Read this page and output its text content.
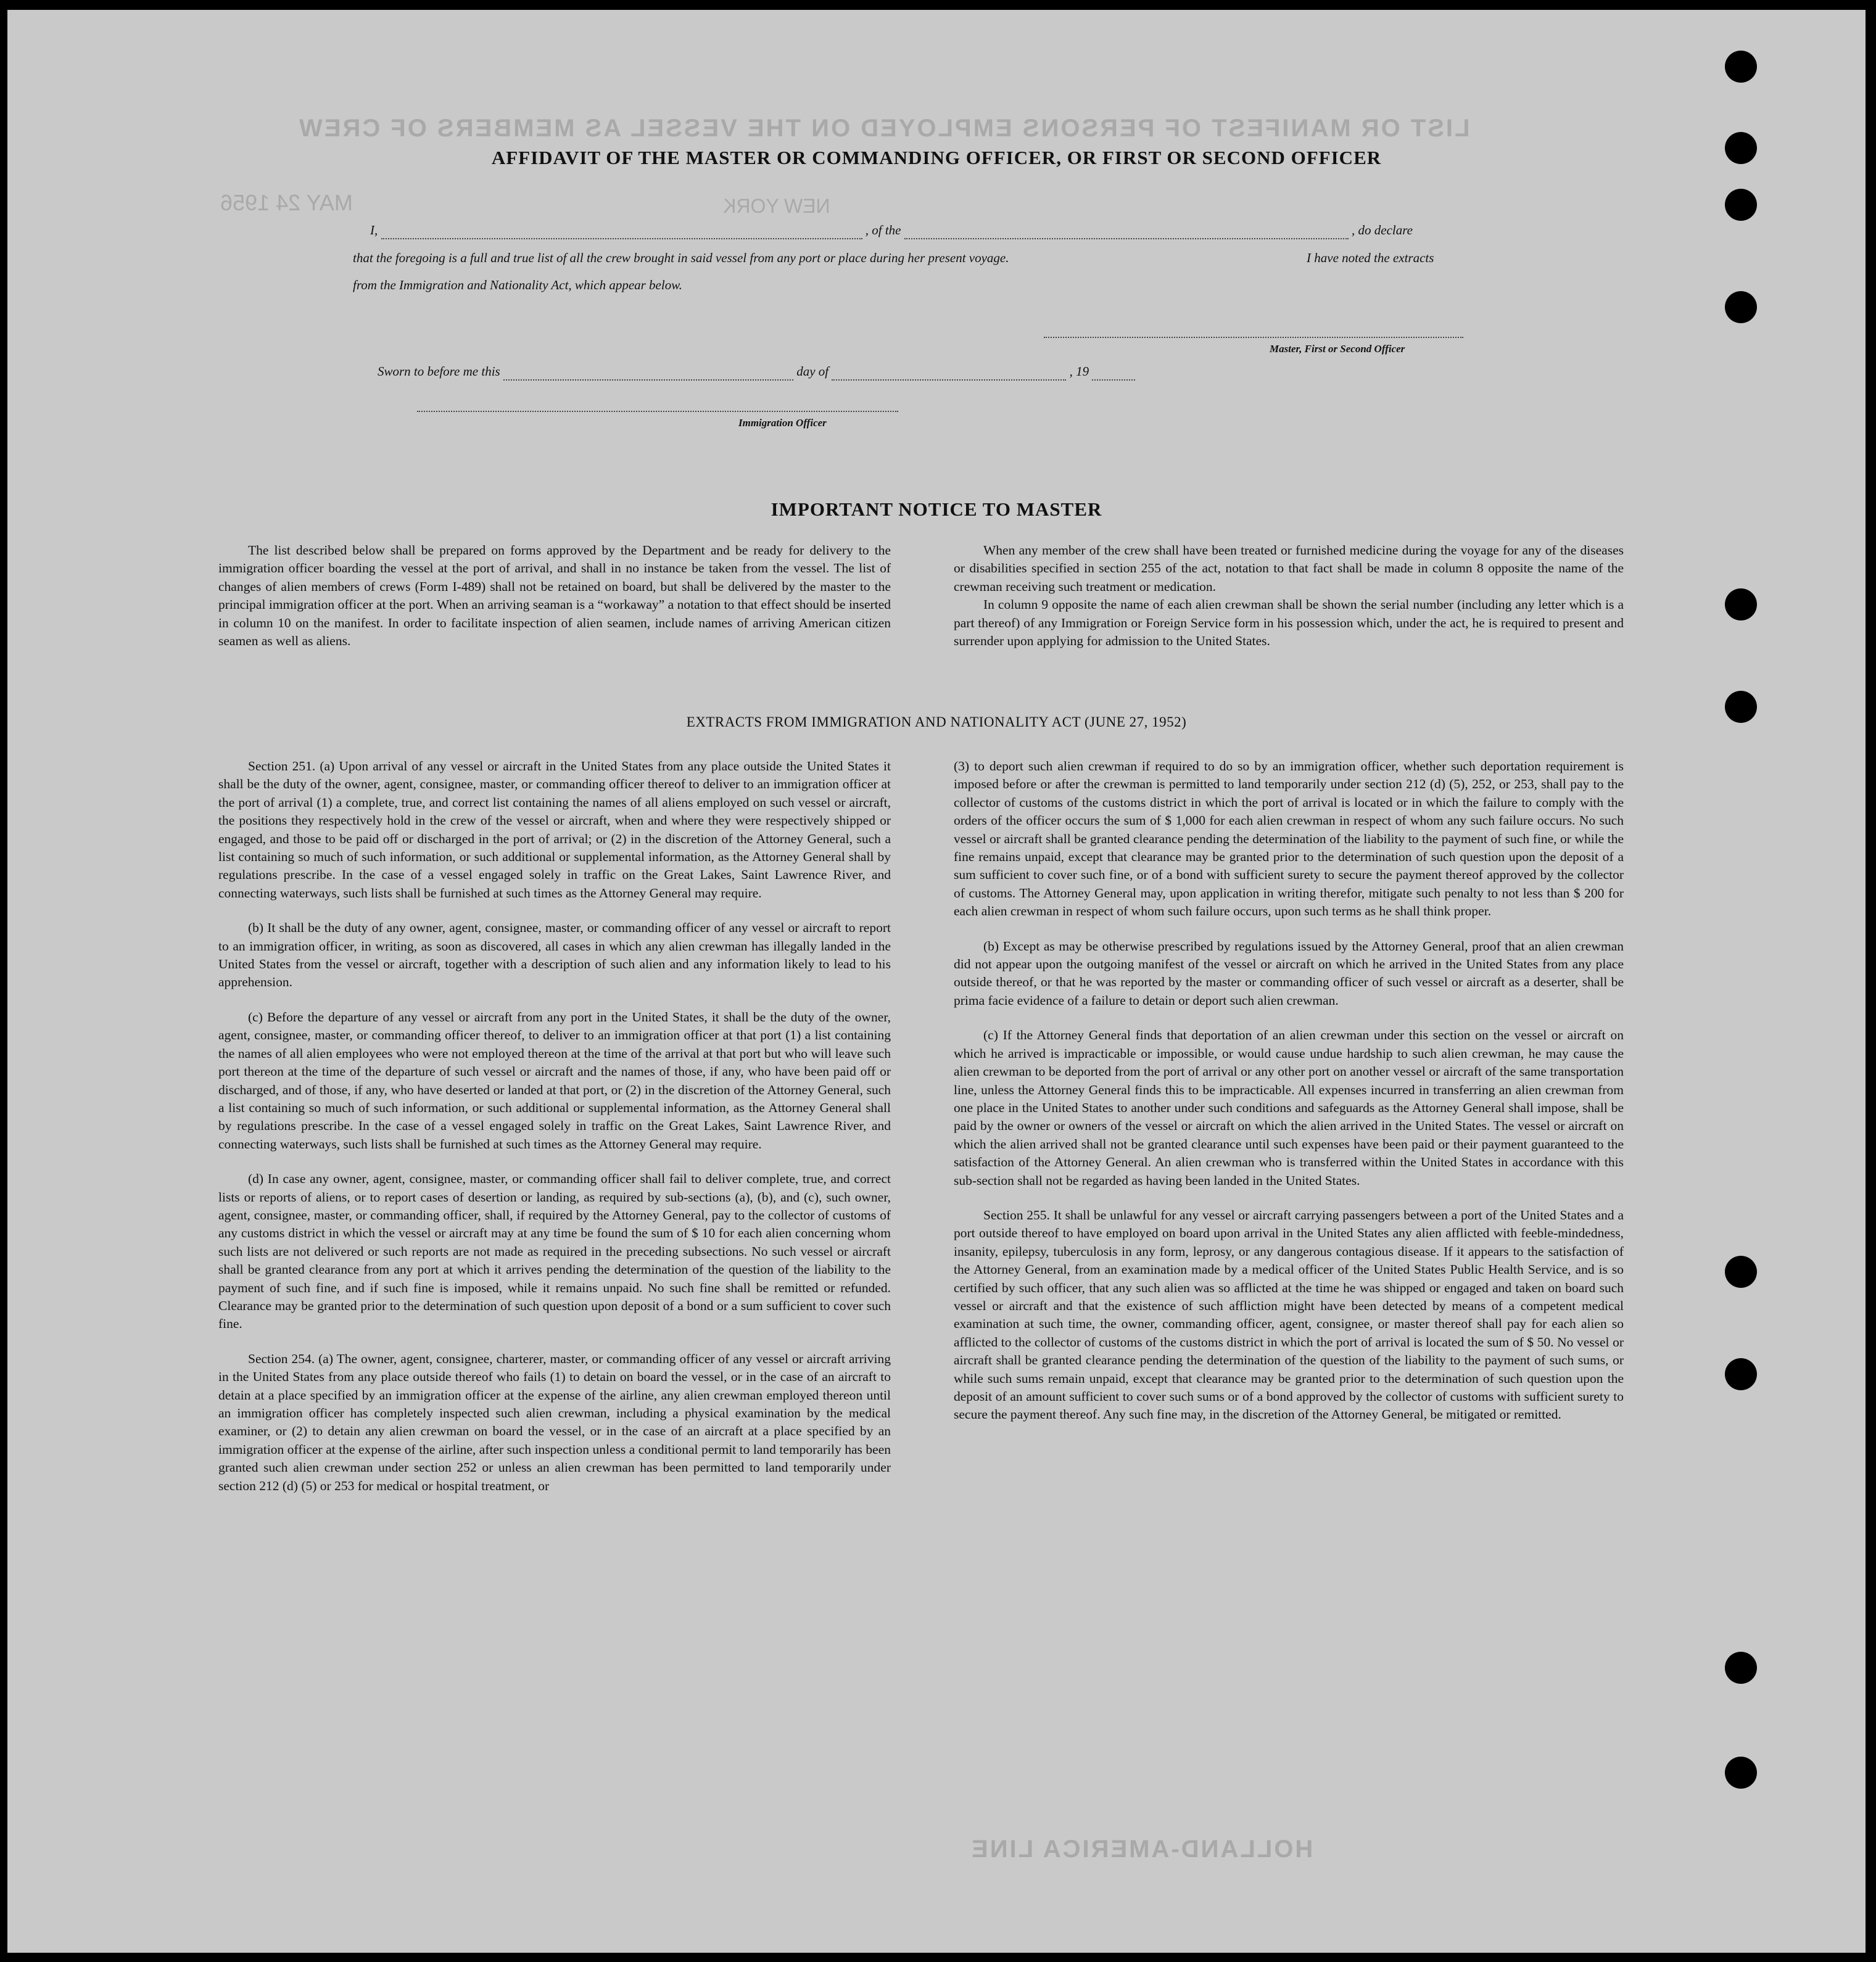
LIST OR MANIFEST OF PERSONS EMPLOYED ON THE VESSEL AS MEMBERS OF CREW
MAY 24 1956	NEW YORK
HOLLAND-AMERICA LINE
AFFIDAVIT OF THE MASTER OR COMMANDING OFFICER, OR FIRST OR SECOND OFFICER
I,	, of the	, do declare
that the foregoing is a full and true list of all the crew brought in said vessel from any port or place during her present voyage.	I have noted the extracts
from the Immigration and Nationality Act, which appear below.
Master, First or Second Officer
Sworn to before me this	day of	, 19
Immigration Officer
IMPORTANT NOTICE TO MASTER

The list described below shall be prepared on forms approved by the Department and be ready for delivery to the immigration officer boarding the vessel at the port of arrival, and shall in no instance be taken from the vessel. The list of changes of alien members of crews (Form I-489) shall not be retained on board, but shall be delivered by the master to the principal immigration officer at the port. When an arriving seaman is a “workaway” a notation to that effect should be inserted in column 10 on the manifest. In order to facilitate inspection of alien seamen, include names of arriving American citizen seamen as well as aliens.

When any member of the crew shall have been treated or furnished medicine during the voyage for any of the diseases or disabilities specified in section 255 of the act, notation to that fact shall be made in column 8 opposite the name of the crewman receiving such treatment or medication.

In column 9 opposite the name of each alien crewman shall be shown the serial number (including any letter which is a part thereof) of any Immigration or Foreign Service form in his possession which, under the act, he is required to present and surrender upon applying for admission to the United States.

EXTRACTS FROM IMMIGRATION AND NATIONALITY ACT (JUNE 27, 1952)

Section 251. (a) Upon arrival of any vessel or aircraft in the United States from any place outside the United States it shall be the duty of the owner, agent, consignee, master, or commanding officer thereof to deliver to an immigration officer at the port of arrival (1) a complete, true, and correct list containing the names of all aliens employed on such vessel or aircraft, the positions they respectively hold in the crew of the vessel or aircraft, when and where they were respectively shipped or engaged, and those to be paid off or discharged in the port of arrival; or (2) in the discretion of the Attorney General, such a list containing so much of such information, or such additional or supplemental information, as the Attorney General shall by regulations prescribe. In the case of a vessel engaged solely in traffic on the Great Lakes, Saint Lawrence River, and connecting waterways, such lists shall be furnished at such times as the Attorney General may require.

(b) It shall be the duty of any owner, agent, consignee, master, or commanding officer of any vessel or aircraft to report to an immigration officer, in writing, as soon as discovered, all cases in which any alien crewman has illegally landed in the United States from the vessel or aircraft, together with a description of such alien and any information likely to lead to his apprehension.

(c) Before the departure of any vessel or aircraft from any port in the United States, it shall be the duty of the owner, agent, consignee, master, or commanding officer thereof, to deliver to an immigration officer at that port (1) a list containing the names of all alien employees who were not employed thereon at the time of the arrival at that port but who will leave such port thereon at the time of the departure of such vessel or aircraft and the names of those, if any, who have been paid off or discharged, and of those, if any, who have deserted or landed at that port, or (2) in the discretion of the Attorney General, such a list containing so much of such information, or such additional or supplemental information, as the Attorney General shall by regulations prescribe. In the case of a vessel engaged solely in traffic on the Great Lakes, Saint Lawrence River, and connecting waterways, such lists shall be furnished at such times as the Attorney General may require.

(d) In case any owner, agent, consignee, master, or commanding officer shall fail to deliver complete, true, and correct lists or reports of aliens, or to report cases of desertion or landing, as required by sub-sections (a), (b), and (c), such owner, agent, consignee, master, or commanding officer, shall, if required by the Attorney General, pay to the collector of customs of any customs district in which the vessel or aircraft may at any time be found the sum of $ 10 for each alien concerning whom such lists are not delivered or such reports are not made as required in the preceding subsections. No such vessel or aircraft shall be granted clearance from any port at which it arrives pending the determination of the question of the liability to the payment of such fine, and if such fine is imposed, while it remains unpaid. No such fine shall be remitted or refunded. Clearance may be granted prior to the determination of such question upon deposit of a bond or a sum sufficient to cover such fine.

Section 254. (a) The owner, agent, consignee, charterer, master, or commanding officer of any vessel or aircraft arriving in the United States from any place outside thereof who fails (1) to detain on board the vessel, or in the case of an aircraft to detain at a place specified by an immigration officer at the expense of the airline, any alien crewman employed thereon until an immigration officer has completely inspected such alien crewman, including a physical examination by the medical examiner, or (2) to detain any alien crewman on board the vessel, or in the case of an aircraft at a place specified by an immigration officer at the expense of the airline, after such inspection unless a conditional permit to land temporarily has been granted such alien crewman under section 252 or unless an alien crewman has been permitted to land temporarily under section 212 (d) (5) or 253 for medical or hospital treatment, or

(3) to deport such alien crewman if required to do so by an immigration officer, whether such deportation requirement is imposed before or after the crewman is permitted to land temporarily under section 212 (d) (5), 252, or 253, shall pay to the collector of customs of the customs district in which the port of arrival is located or in which the failure to comply with the orders of the officer occurs the sum of $ 1,000 for each alien crewman in respect of whom any such failure occurs. No such vessel or aircraft shall be granted clearance pending the determination of the liability to the payment of such fine, or while the fine remains unpaid, except that clearance may be granted prior to the determination of such question upon the deposit of a sum sufficient to cover such fine, or of a bond with sufficient surety to secure the payment thereof approved by the collector of customs. The Attorney General may, upon application in writing therefor, mitigate such penalty to not less than $ 200 for each alien crewman in respect of whom such failure occurs, upon such terms as he shall think proper.

(b) Except as may be otherwise prescribed by regulations issued by the Attorney General, proof that an alien crewman did not appear upon the outgoing manifest of the vessel or aircraft on which he arrived in the United States from any place outside thereof, or that he was reported by the master or commanding officer of such vessel or aircraft as a deserter, shall be prima facie evidence of a failure to detain or deport such alien crewman.

(c) If the Attorney General finds that deportation of an alien crewman under this section on the vessel or aircraft on which he arrived is impracticable or impossible, or would cause undue hardship to such alien crewman, he may cause the alien crewman to be deported from the port of arrival or any other port on another vessel or aircraft of the same transportation line, unless the Attorney General finds this to be impracticable. All expenses incurred in transferring an alien crewman from one place in the United States to another under such conditions and safeguards as the Attorney General shall impose, shall be paid by the owner or owners of the vessel or aircraft on which the alien arrived in the United States. The vessel or aircraft on which the alien arrived shall not be granted clearance until such expenses have been paid or their payment guaranteed to the satisfaction of the Attorney General. An alien crewman who is transferred within the United States in accordance with this sub-section shall not be regarded as having been landed in the United States.

Section 255. It shall be unlawful for any vessel or aircraft carrying passengers between a port of the United States and a port outside thereof to have employed on board upon arrival in the United States any alien afflicted with feeble-mindedness, insanity, epilepsy, tuberculosis in any form, leprosy, or any dangerous contagious disease. If it appears to the satisfaction of the Attorney General, from an examination made by a medical officer of the United States Public Health Service, and is so certified by such officer, that any such alien was so afflicted at the time he was shipped or engaged and taken on board such vessel or aircraft and that the existence of such affliction might have been detected by means of a competent medical examination at such time, the owner, commanding officer, agent, consignee, or master thereof shall pay for each alien so afflicted to the collector of customs of the customs district in which the port of arrival is located the sum of $ 50. No vessel or aircraft shall be granted clearance pending the determination of the question of the liability to the payment of such sums, or while such sums remain unpaid, except that clearance may be granted prior to the determination of such question upon the deposit of an amount sufficient to cover such sums or of a bond approved by the collector of customs with sufficient surety to secure the payment thereof. Any such fine may, in the discretion of the Attorney General, be mitigated or remitted.
